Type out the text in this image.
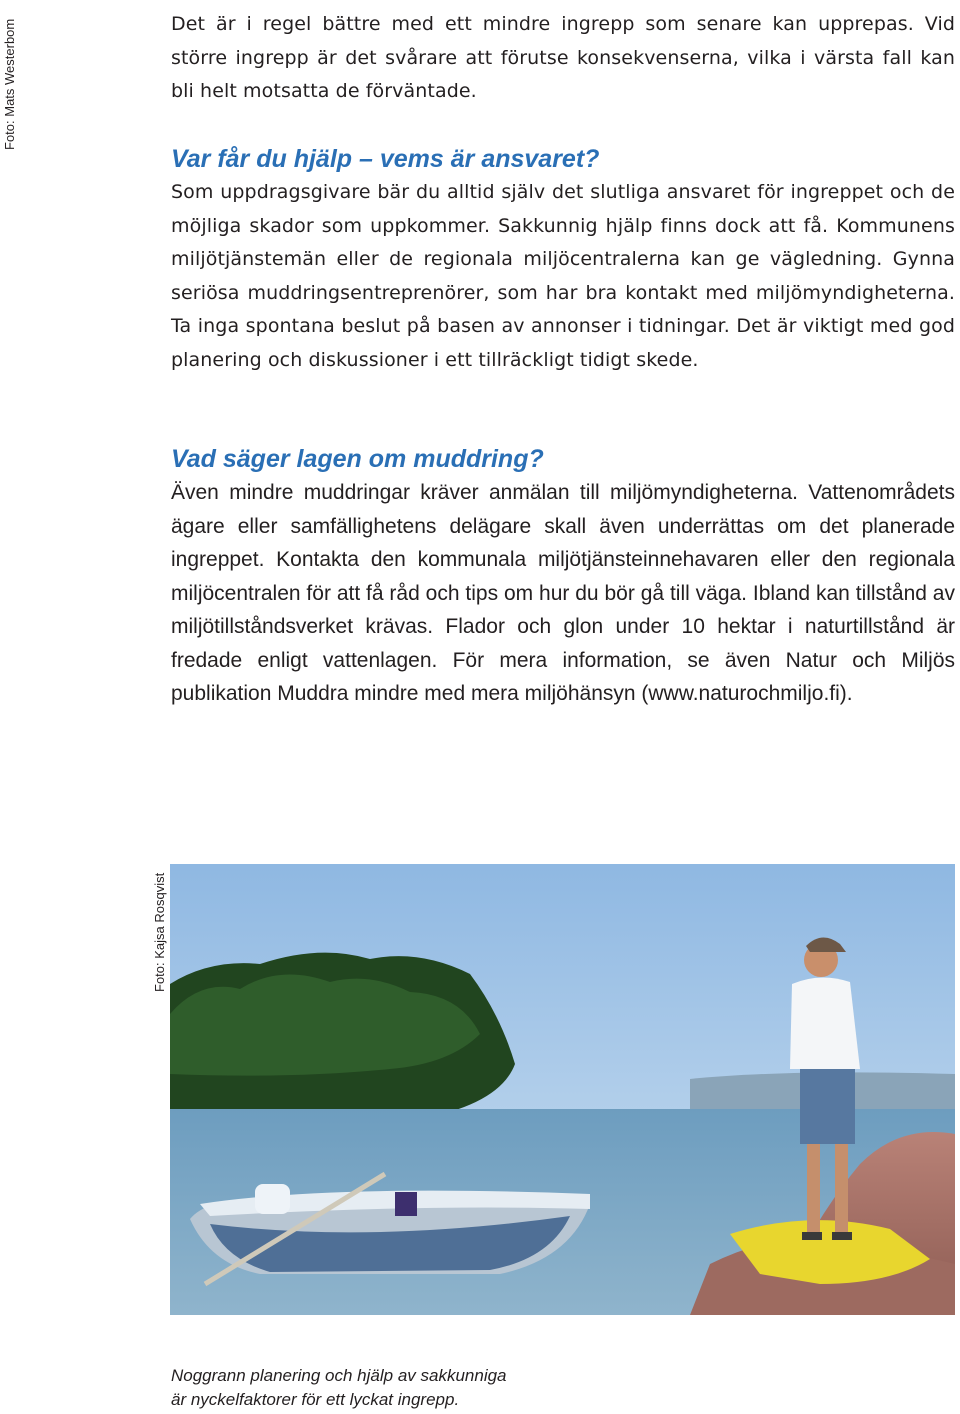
Foto: Mats Westerbom	Det är i regel bättre med ett mindre ingrepp som senare kan upprepas. Vid större ingrepp är det svårare att förutse konsekvenserna, vilka i värsta fall kan bli helt motsatta de förväntade.

Var får du hjälp – vems är ansvaret?

Som uppdragsgivare bär du alltid själv det slutliga ansvaret för ingreppet och de möjliga skador som uppkommer. Sakkunnig hjälp finns dock att få. Kommunens miljötjänstemän eller de regionala miljöcentralerna kan ge vägledning. Gynna seriösa muddringsentreprenörer, som har bra kontakt med miljömyndigheterna. Ta inga spontana beslut på basen av annonser i tidningar. Det är viktigt med god planering och diskussioner i ett tillräckligt tidigt skede.

Vad säger lagen om muddring?

Även mindre muddringar kräver anmälan till miljömyndigheterna. Vattenområdets ägare eller samfällighetens delägare skall även underrättas om det planerade ingreppet. Kontakta den kommunala miljötjänsteinnehavaren eller den regionala miljöcentralen för att få råd och tips om hur du bör gå till väga. Ibland kan tillstånd av miljötillståndsverket krävas. Flador och glon under 10 hektar i naturtillstånd är fredade enligt vattenlagen. För mera information, se även Natur och Miljös publikation Muddra mindre med mera miljöhänsyn (www.naturochmiljo.fi).

Foto: Kajsa Rosqvist
Noggrann planering och hjälp av sakkunniga
är nyckelfaktorer för ett lyckat ingrepp.
